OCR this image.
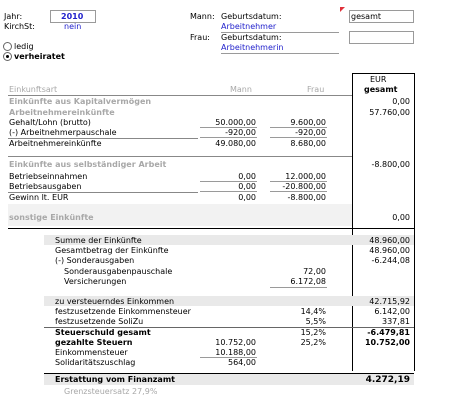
Jahr:	2010
KirchSt:	nein
Mann: Geburtsdatum:	gesamt
Arbeitnehmer
Frau: Geburtsdatum:
Arbeitnehmerin
ledig
verheiratet
Einkunftsart	Mann	Frau
EUR
gesamt
Einkünfte aus Kapitalvermögen	0,00
Arbeitnehmereinkünfte	57.760,00
Gehalt/Lohn (brutto)	50.000,00	9.600,00
(-) Arbeitnehmerpauschale	-920,00	-920,00
Arbeitnehmereinkünfte	49.080,00	8.680,00
Einkünfte aus selbständiger Arbeit	-8.800,00
Betriebseinnahmen	0,00	12.000,00
Betriebsausgaben	0,00	-20.800,00
Gewinn lt. EUR	0,00	-8.800,00
sonstige Einkünfte	0,00
Summe der Einkünfte	48.960,00
Gesamtbetrag der Einkünfte	48.960,00
(-) Sonderausgaben	-6.244,08
Sonderausgabenpauschale	72,00
Versicherungen	6.172,08
zu versteuerndes Einkommen	42.715,92
festzusetzende Einkommensteuer	14,4%	6.142,00
festzusetzende SoliZu	5,5%	337,81
Steuerschuld gesamt	15,2%	-6.479,81
gezahlte Steuern	10.752,00	25,2%	10.752,00
Einkommensteuer	10.188,00
Solidaritätszuschlag	564,00
Erstattung vom Finanzamt	4.272,19
Grenzsteuersatz 27,9%
